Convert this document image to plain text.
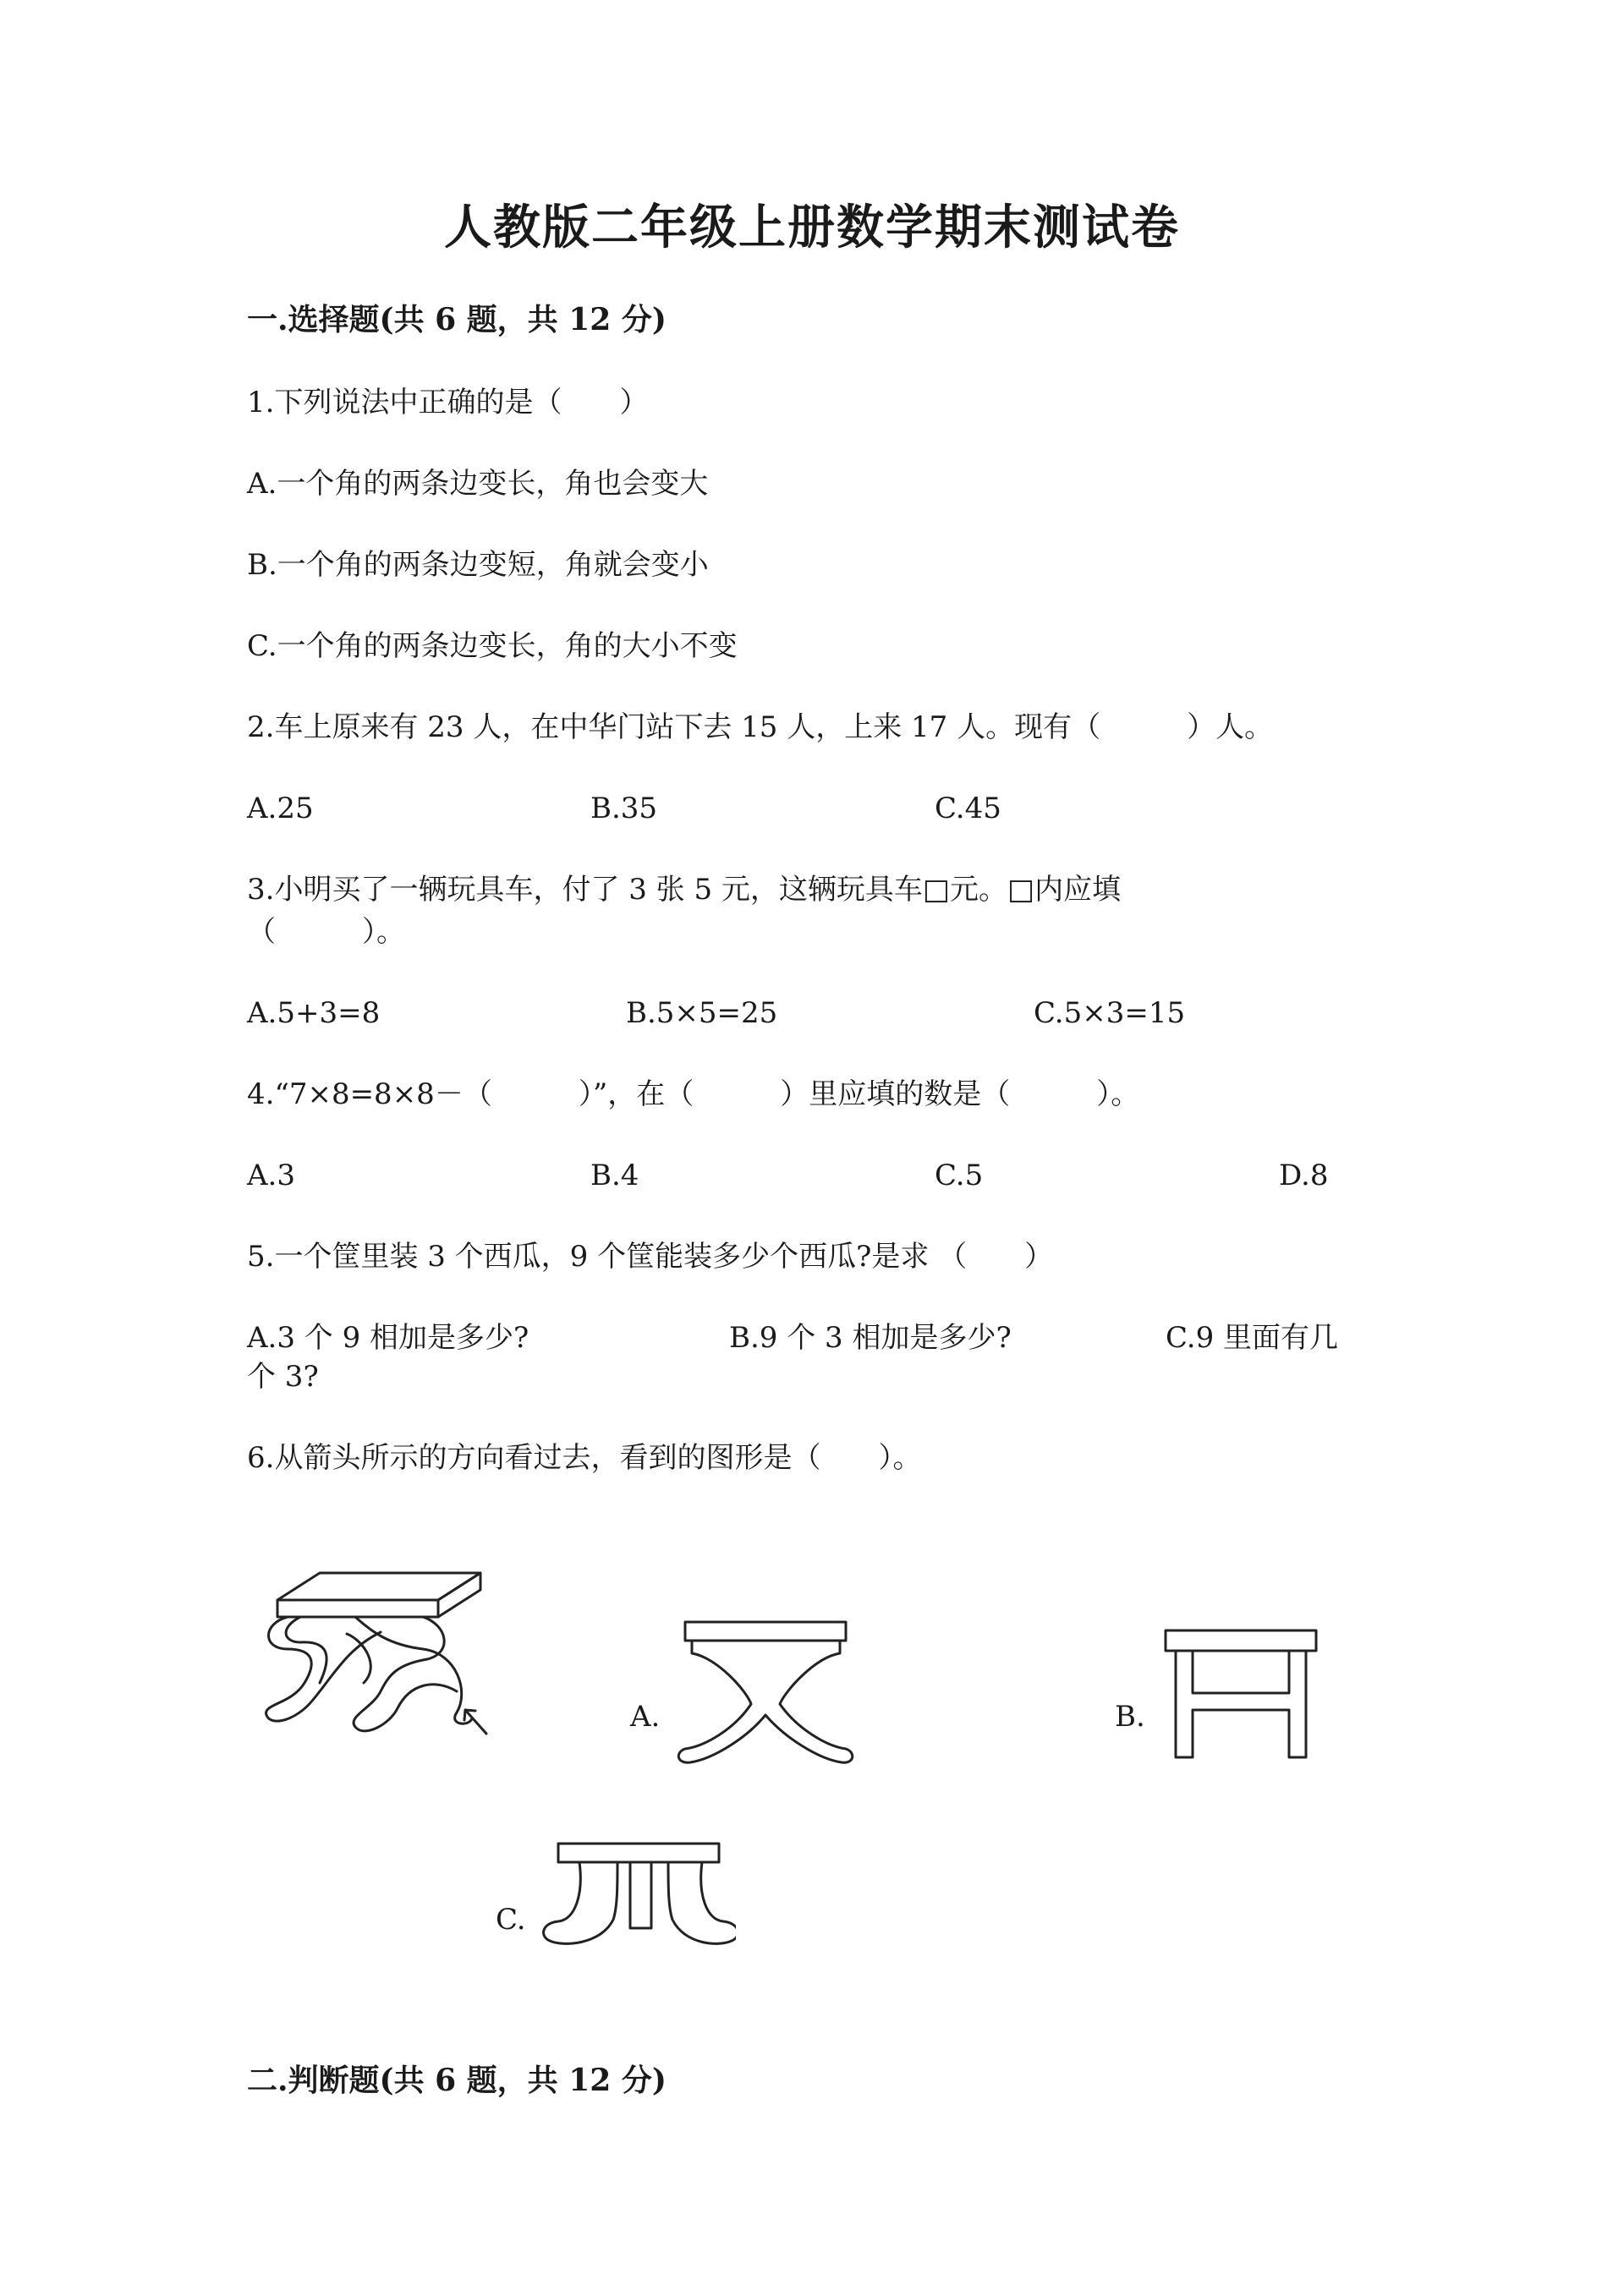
人教版二年级上册数学期末测试卷
一.选择题(共 6 题，共 12 分)
1.下列说法中正确的是（　　）
A.一个角的两条边变长，角也会变大
B.一个角的两条边变短，角就会变小
C.一个角的两条边变长，角的大小不变
2.车上原来有 23 人，在中华门站下去 15 人，上来 17 人。现有（　　　）人。
A.25	B.35	C.45
3.小明买了一辆玩具车，付了 3 张 5 元，这辆玩具车□元。□内应填
（　　　）。
A.5+3=8	B.5×5=25	C.5×3=15
4.“7×8=8×8－（　　　）”，在（　　　）里应填的数是（　　　）。
A.3	B.4	C.5	D.8
5.一个筐里装 3 个西瓜，9 个筐能装多少个西瓜?是求 （　　）
A.3 个 9 相加是多少?	B.9 个 3 相加是多少?	C.9 里面有几
个 3?
6.从箭头所示的方向看过去，看到的图形是（　　）。
A.	B.
C.
二.判断题(共 6 题，共 12 分)
